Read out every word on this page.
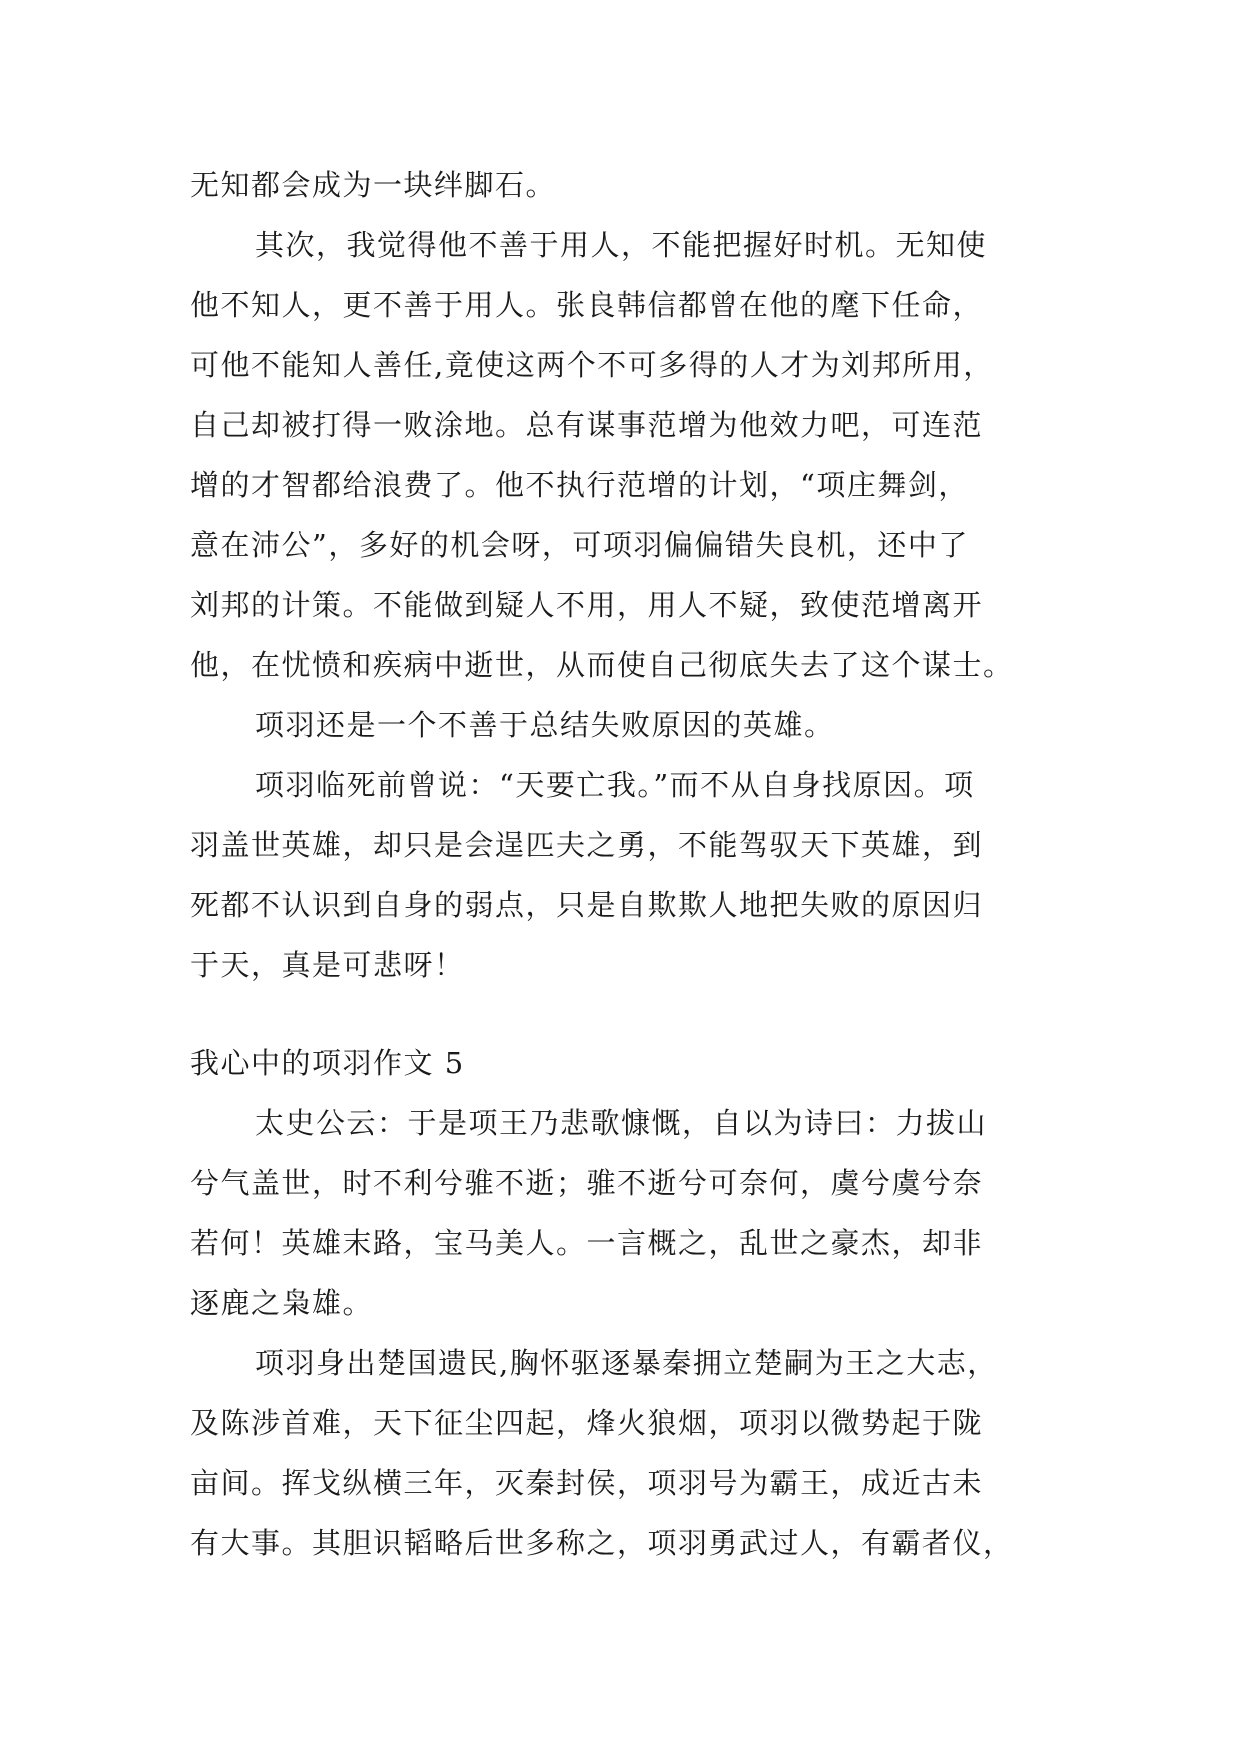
无知都会成为一块绊脚石。
其次，我觉得他不善于用人，不能把握好时机。无知使
他不知人，更不善于用人。张良韩信都曾在他的麾下任命，
可他不能知人善任,竟使这两个不可多得的人才为刘邦所用，
自己却被打得一败涂地。总有谋事范增为他效力吧，可连范
增的才智都给浪费了。他不执行范增的计划，“项庄舞剑，
意在沛公”，多好的机会呀，可项羽偏偏错失良机，还中了
刘邦的计策。不能做到疑人不用，用人不疑，致使范增离开
他，在忧愤和疾病中逝世，从而使自己彻底失去了这个谋士。
项羽还是一个不善于总结失败原因的英雄。
项羽临死前曾说：“天要亡我。”而不从自身找原因。项
羽盖世英雄，却只是会逞匹夫之勇，不能驾驭天下英雄，到
死都不认识到自身的弱点，只是自欺欺人地把失败的原因归
于天，真是可悲呀！
我心中的项羽作文 5
太史公云：于是项王乃悲歌慷慨，自以为诗曰：力拔山
兮气盖世，时不利兮骓不逝；骓不逝兮可奈何，虞兮虞兮奈
若何！英雄末路，宝马美人。一言概之，乱世之豪杰，却非
逐鹿之枭雄。
项羽身出楚国遗民,胸怀驱逐暴秦拥立楚嗣为王之大志，
及陈涉首难，天下征尘四起，烽火狼烟，项羽以微势起于陇
亩间。挥戈纵横三年，灭秦封侯，项羽号为霸王，成近古未
有大事。其胆识韬略后世多称之，项羽勇武过人，有霸者仪，
